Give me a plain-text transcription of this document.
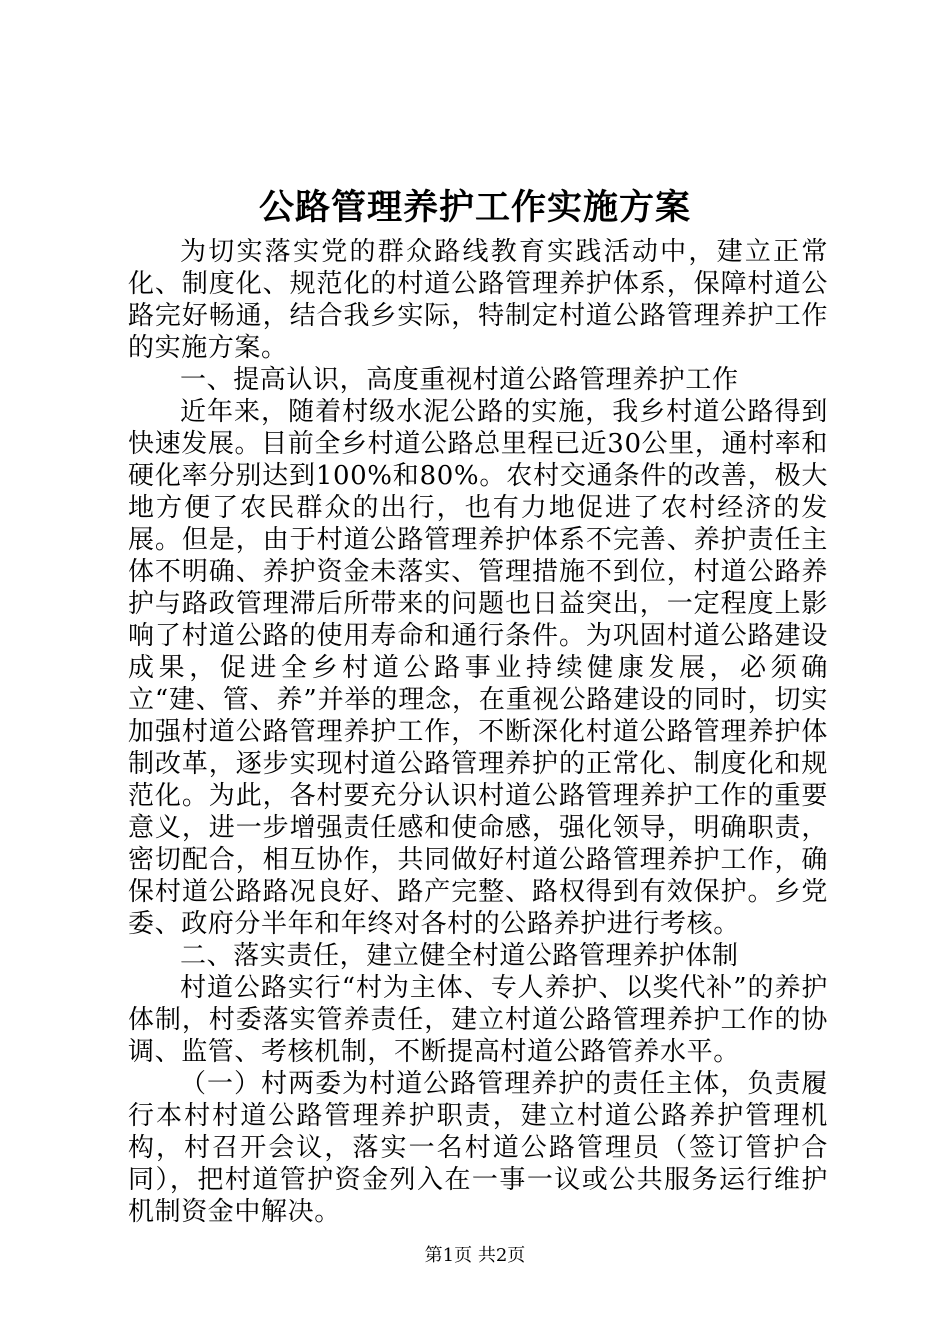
公路管理养护工作实施方案

为切实落实党的群众路线教育实践活动中，建立正常化、制度化、规范化的村道公路管理养护体系，保障村道公路完好畅通，结合我乡实际，特制定村道公路管理养护工作的实施方案。

一、提高认识，高度重视村道公路管理养护工作

近年来，随着村级水泥公路的实施，我乡村道公路得到快速发展。目前全乡村道公路总里程已近30公里，通村率和硬化率分别达到100%和80%。农村交通条件的改善，极大地方便了农民群众的出行，也有力地促进了农村经济的发展。但是，由于村道公路管理养护体系不完善、养护责任主体不明确、养护资金未落实、管理措施不到位，村道公路养护与路政管理滞后所带来的问题也日益突出，一定程度上影响了村道公路的使用寿命和通行条件。为巩固村道公路建设成果，促进全乡村道公路事业持续健康发展，必须确立“建、管、养”并举的理念，在重视公路建设的同时，切实加强村道公路管理养护工作，不断深化村道公路管理养护体制改革，逐步实现村道公路管理养护的正常化、制度化和规范化。为此，各村要充分认识村道公路管理养护工作的重要意义，进一步增强责任感和使命感，强化领导，明确职责，密切配合，相互协作，共同做好村道公路管理养护工作，确保村道公路路况良好、路产完整、路权得到有效保护。乡党委、政府分半年和年终对各村的公路养护进行考核。

二、落实责任，建立健全村道公路管理养护体制

村道公路实行“村为主体、专人养护、以奖代补”的养护体制，村委落实管养责任，建立村道公路管理养护工作的协调、监管、考核机制，不断提高村道公路管养水平。

（一）村两委为村道公路管理养护的责任主体，负责履行本村村道公路管理养护职责，建立村道公路养护管理机构，村召开会议，落实一名村道公路管理员（签订管护合同），把村道管护资金列入在一事一议或公共服务运行维护机制资金中解决。

第1页 共2页
